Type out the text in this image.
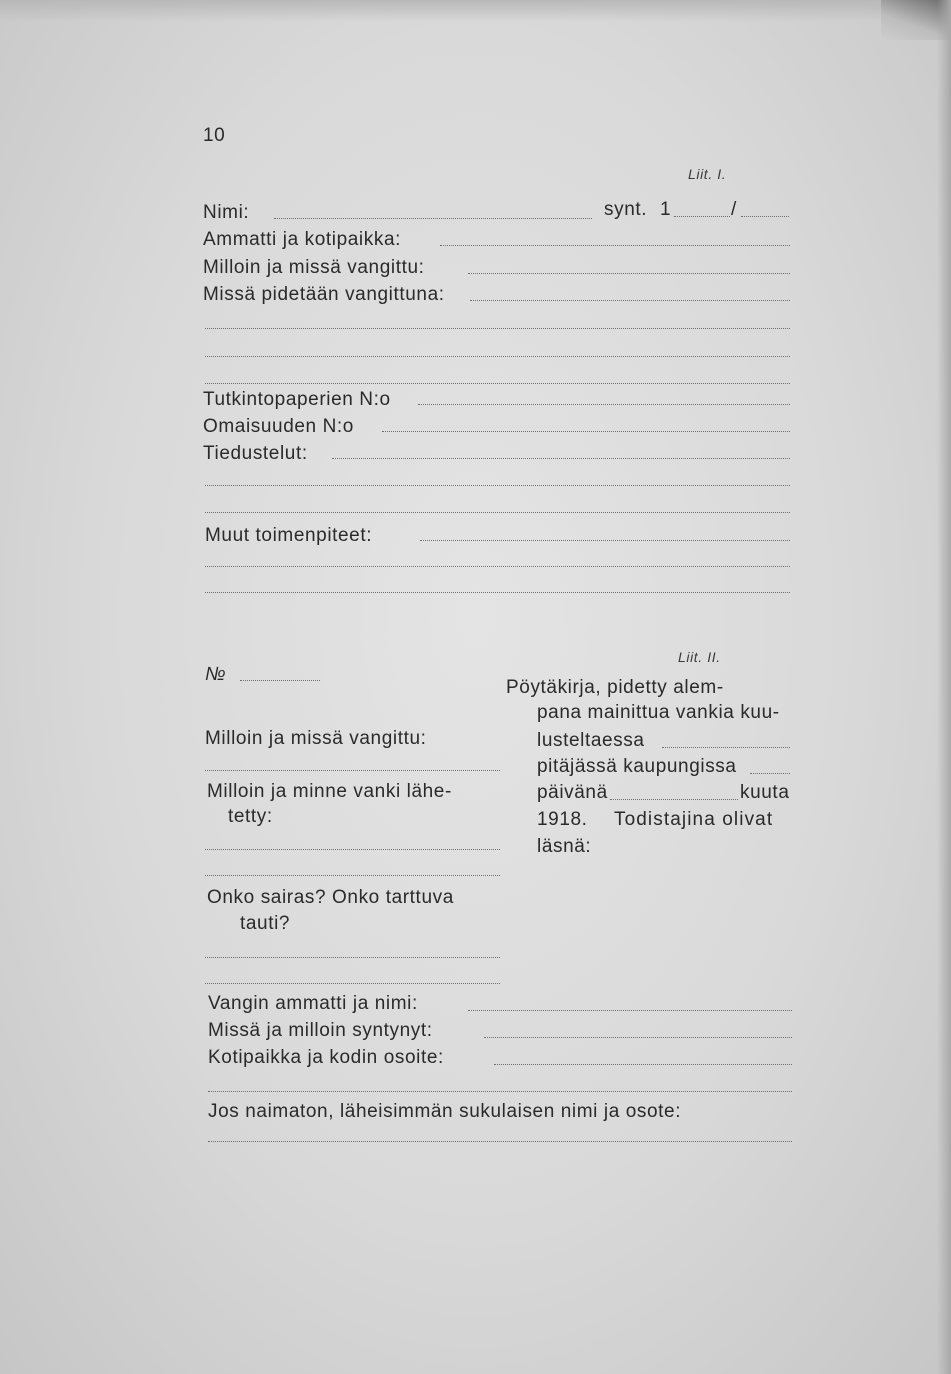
10
Liit. I.
Nimi:	synt. 1	/
Ammatti ja kotipaikka:
Milloin ja missä vangittu:
Missä pidetään vangittuna:
Tutkintopaperien N:o
Omaisuuden N:o
Tiedustelut:
Muut toimenpiteet:
Liit. II.
№
Milloin ja missä vangittu:
Milloin ja minne vanki lähe-
tetty:
Onko sairas? Onko tarttuva
tauti?
Pöytäkirja, pidetty alem-
pana mainittua vankia kuu-
lusteltaessa
pitäjässä kaupungissa
päivänä	kuuta
1918. Todistajina olivat
läsnä:
Vangin ammatti ja nimi:
Missä ja milloin syntynyt:
Kotipaikka ja kodin osoite:
Jos naimaton, läheisimmän sukulaisen nimi ja osote:
